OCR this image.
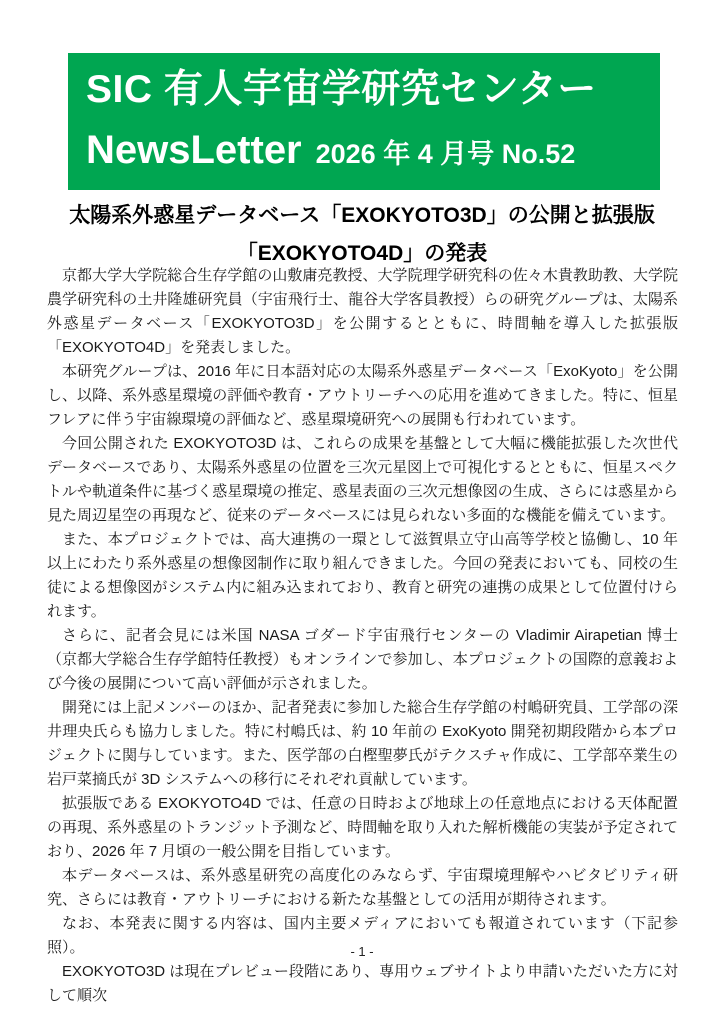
SIC 有人宇宙学研究センター
NewsLetter 2026 年 4 月号 No.52
太陽系外惑星データベース「EXOKYOTO3D」の公開と拡張版
「EXOKYOTO4D」の発表

京都大学大学院総合生存学館の山敷庸亮教授、大学院理学研究科の佐々木貴教助教、大学院農学研究科の土井隆雄研究員（宇宙飛行士、龍谷大学客員教授）らの研究グループは、太陽系外惑星データベース「EXOKYOTO3D」を公開するとともに、時間軸を導入した拡張版「EXOKYOTO4D」を発表しました。

本研究グループは、2016 年に日本語対応の太陽系外惑星データベース「ExoKyoto」を公開し、以降、系外惑星環境の評価や教育・アウトリーチへの応用を進めてきました。特に、恒星フレアに伴う宇宙線環境の評価など、惑星環境研究への展開も行われています。

今回公開された EXOKYOTO3D は、これらの成果を基盤として大幅に機能拡張した次世代データベースであり、太陽系外惑星の位置を三次元星図上で可視化するとともに、恒星スペクトルや軌道条件に基づく惑星環境の推定、惑星表面の三次元想像図の生成、さらには惑星から見た周辺星空の再現など、従来のデータベースには見られない多面的な機能を備えています。

また、本プロジェクトでは、高大連携の一環として滋賀県立守山高等学校と協働し、10 年以上にわたり系外惑星の想像図制作に取り組んできました。今回の発表においても、同校の生徒による想像図がシステム内に組み込まれており、教育と研究の連携の成果として位置付けられます。

さらに、記者会見には米国 NASA ゴダード宇宙飛行センターの Vladimir Airapetian 博士（京都大学総合生存学館特任教授）もオンラインで参加し、本プロジェクトの国際的意義および今後の展開について高い評価が示されました。

開発には上記メンバーのほか、記者発表に参加した総合生存学館の村嶋研究員、工学部の深井理央氏らも協力しました。特に村嶋氏は、約 10 年前の ExoKyoto 開発初期段階から本プロジェクトに関与しています。また、医学部の白樫聖夢氏がテクスチャ作成に、工学部卒業生の岩戸菜摘氏が 3D システムへの移行にそれぞれ貢献しています。

拡張版である EXOKYOTO4D では、任意の日時および地球上の任意地点における天体配置の再現、系外惑星のトランジット予測など、時間軸を取り入れた解析機能の実装が予定されており、2026 年 7 月頃の一般公開を目指しています。

本データベースは、系外惑星研究の高度化のみならず、宇宙環境理解やハビタビリティ研究、さらには教育・アウトリーチにおける新たな基盤としての活用が期待されます。

なお、本発表に関する内容は、国内主要メディアにおいても報道されています（下記参照）。

EXOKYOTO3D は現在プレビュー段階にあり、専用ウェブサイトより申請いただいた方に対して順次

- 1 -
